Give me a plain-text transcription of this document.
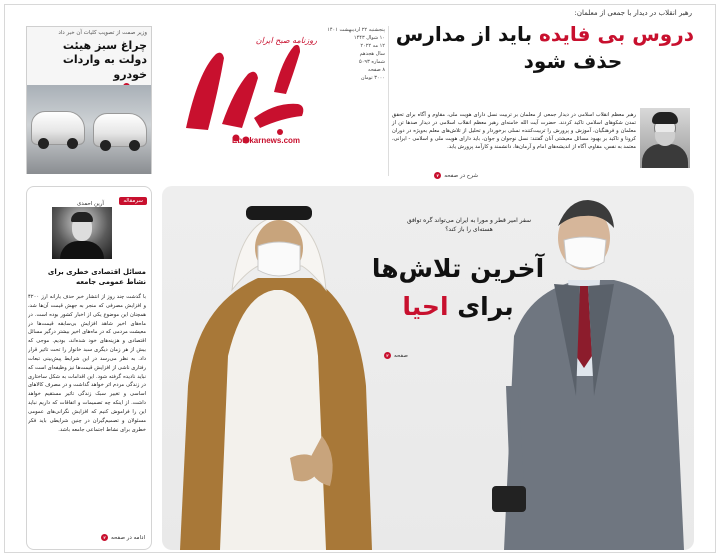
وزیر صمت از تصویب کلیات آن خبر داد
چراغ سبز هیئت دولت به واردات خودرو
روزنامه صبح ایران
Ebtekarnews.com
پنجشنبه ۲۲ اردیبهشت ۱۴۰۱
۱۰ شوال ۱۴۴۳
۱۲ مه ۲۰۲۲
سال هجدهم
شماره ۵۰۹۳
۸ صفحه
۳۰۰۰ تومان
رهبر انقلاب در دیدار با جمعی از معلمان:
دروس بی فایده باید از مدارس
حذف شود
رهبر معظم انقلاب اسلامی در دیدار جمعی از معلمان بر تربیت نسل دارای هویت ملی، مقاوم و آگاه برای تحقق تمدن شکوهای اسلامی تاکید کردند. حضرت آیت الله خامنه‌ای رهبر معظم انقلاب اسلامی در دیدار صدها تن از معلمان و فرهنگیان، آموزش و پرورش را تربیت‌کننده نسلی برخوردار و تحلیل از تلاش‌های معلم به‌ویژه در دوران کرونا و تاکید بر بهبود مسائل معیشتی آنان گفتند: نسل نوجوان و جوان، باید دارای هویت ملی و اسلامی - ایرانی، معتمد به نفس، مقاوم، آگاه از اندیشه‌های امام و آرمان‌ها، دانشمند و کارآمد پرورش یابد.
شرح در صفحه
۲
سرمقاله
آرین احمدی
مسائل اقتصادی خطری برای نشاط عمومی جامعه
با گذشت چند روز از انتشار خبر حذف یارانه ارز ۴۲۰۰ و افزایش مصرفی که منجر به جهش قیمت آن‌ها شد، همچنان این موضوع یکی از اخبار کشور بوده است. در ماه‌های اخیر شاهد افزایش بی‌سابقه قیمت‌ها در معیشت مردمی که در ماه‌های اخیر بیشتر درگیر مسائل اقتصادی و هزینه‌های خود شده‌اند، بودیم. موجی که بیش از هر زمان دیگری سبد خانوار را تحت تاثیر قرار داد. به نظر می‌رسد در این شرایط پیش‌بینی تبعات رفتاری ناشی از افزایش قیمت‌ها نیز وظیفه‌ای است که نباید نادیده گرفته شود. این اقدامات به شکل ساختاری در زندگی مردم اثر خواهد گذاشت و در مصرف کالاهای اساسی و تغییر سبک زندگی تاثیر مستقیم خواهد داشت. از اینکه چه تصمیمات و اتفاقات که داریم نباید این را فراموش کنیم که افزایش نگرانی‌های عمومی مسئولان و تصمیم‌گیران در چنین شرایطی باید فکر خطری برای نشاط اجتماعی جامعه باشد.
ادامه در صفحه
۲
سفر امیر قطر و مورا به ایران می‌تواند گره توافق هسته‌ای را باز کند؟
آخرین تلاش‌ها
برای احیا
صفحه
۲
